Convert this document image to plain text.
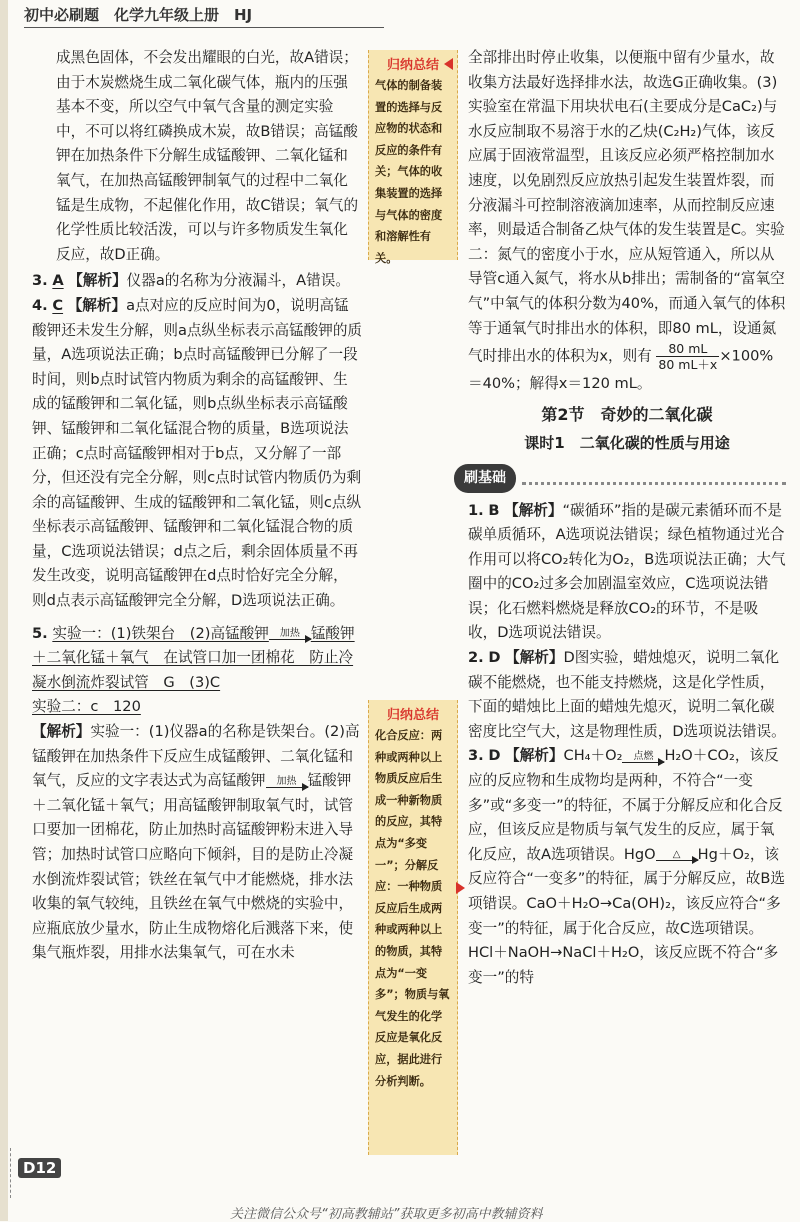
初中必刷题　化学九年级上册　HJ

成黑色固体，不会发出耀眼的白光，故A错误；由于木炭燃烧生成二氧化碳气体，瓶内的压强基本不变，所以空气中氧气含量的测定实验中，不可以将红磷换成木炭，故B错误；高锰酸钾在加热条件下分解生成锰酸钾、二氧化锰和氧气，在加热高锰酸钾制氧气的过程中二氧化锰是生成物，不起催化作用，故C错误；氧气的化学性质比较活泼，可以与许多物质发生氧化反应，故D正确。

3. A 【解析】仪器a的名称为分液漏斗，A错误。

4. C 【解析】a点对应的反应时间为0，说明高锰酸钾还未发生分解，则a点纵坐标表示高锰酸钾的质量，A选项说法正确；b点时高锰酸钾已分解了一段时间，则b点时试管内物质为剩余的高锰酸钾、生成的锰酸钾和二氧化锰，则b点纵坐标表示高锰酸钾、锰酸钾和二氧化锰混合物的质量，B选项说法正确；c点时高锰酸钾相对于b点，又分解了一部分，但还没有完全分解，则c点时试管内物质仍为剩余的高锰酸钾、生成的锰酸钾和二氧化锰，则c点纵坐标表示高锰酸钾、锰酸钾和二氧化锰混合物的质量，C选项说法错误；d点之后，剩余固体质量不再发生改变，说明高锰酸钾在d点时恰好完全分解，则d点表示高锰酸钾完全分解，D选项说法正确。

5. 实验一：(1)铁架台　(2)高锰酸钾	加热 锰酸钾＋二氧化锰＋氧气　在试管口加一团棉花　防止冷凝水倒流炸裂试管　G　(3)C
实验二：c　120
【解析】实验一：(1)仪器a的名称是铁架台。(2)高锰酸钾在加热条件下反应生成锰酸钾、二氧化锰和氧气，反应的文字表达式为高锰酸钾	加热 锰酸钾＋二氧化锰＋氧气；用高锰酸钾制取氧气时，试管口要加一团棉花，防止加热时高锰酸钾粉末进入导管；加热时试管口应略向下倾斜，目的是防止冷凝水倒流炸裂试管；铁丝在氧气中才能燃烧，排水法收集的氧气较纯，且铁丝在氧气中燃烧的实验中，应瓶底放少量水，防止生成物熔化后溅落下来，使集气瓶炸裂，用排水法集氧气，可在水未

归纳总结
气体的制备装置的选择与反应物的状态和反应的条件有关；气体的收集装置的选择与气体的密度和溶解性有关。
归纳总结
化合反应：两种或两种以上物质反应后生成一种新物质的反应，其特点为“多变一”；分解反应：一种物质反应后生成两种或两种以上的物质，其特点为“一变多”；物质与氧气发生的化学反应是氧化反应，据此进行分析判断。

全部排出时停止收集，以便瓶中留有少量水，故收集方法最好选择排水法，故选G正确收集。(3)实验室在常温下用块状电石(主要成分是CaC₂)与水反应制取不易溶于水的乙炔(C₂H₂)气体，该反应属于固液常温型，且该反应必须严格控制加水速度，以免剧烈反应放热引起发生装置炸裂，而分液漏斗可控制溶液滴加速率，从而控制反应速率，则最适合制备乙炔气体的发生装置是C。实验二：氮气的密度小于水，应从短管通入，所以从导管c通入氮气，将水从b排出；需制备的“富氧空气”中氧气的体积分数为40%，而通入氧气的体积等于通氧气时排出水的体积，即80 mL，设通氮气时排出水的体积为x，则有 $\frac{80 mL}{80 mL+x} \times 100\%=40\%$；解得x＝120 mL。

第2节　奇妙的二氧化碳
课时1　二氧化碳的性质与用途
刷基础

1. B 【解析】“碳循环”指的是碳元素循环而不是碳单质循环，A选项说法错误；绿色植物通过光合作用可以将CO₂转化为O₂，B选项说法正确；大气圈中的CO₂过多会加剧温室效应，C选项说法错误；化石燃料燃烧是释放CO₂的环节，不是吸收，D选项说法错误。

2. D 【解析】D图实验，蜡烛熄灭，说明二氧化碳不能燃烧，也不能支持燃烧，这是化学性质，下面的蜡烛比上面的蜡烛先熄灭，说明二氧化碳密度比空气大，这是物理性质，D选项说法错误。

3. D 【解析】CH₄＋O₂	点燃 H₂O＋CO₂，该反应的反应物和生成物均是两种，不符合“一变多”或“多变一”的特征，不属于分解反应和化合反应，但该反应是物质与氧气发生的反应，属于氧化反应，故A选项错误。HgO	△	Hg＋O₂，该反应符合“一变多”的特征，属于分解反应，故B选项错误。CaO＋H₂O→Ca(OH)₂，该反应符合“多变一”的特征，属于化合反应，故C选项错误。HCl＋NaOH→NaCl＋H₂O，该反应既不符合“多变一”的特

D12
关注微信公众号“初高教辅站”获取更多初高中教辅资料
